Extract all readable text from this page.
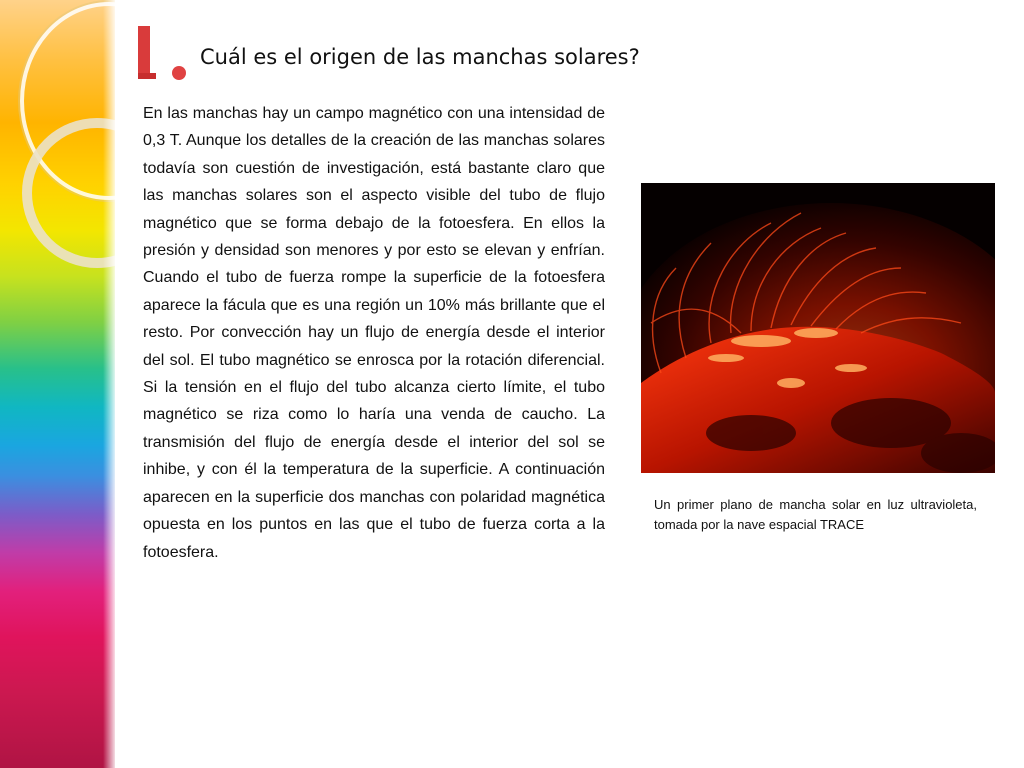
Cuál es el origen de las manchas solares?

En las manchas hay un campo magnético con una intensidad de 0,3 T. Aunque los detalles de la creación de las manchas solares todavía son cuestión de investigación, está bastante claro que las manchas solares son el aspecto visible del tubo de flujo magnético que se forma debajo de la fotoesfera. En ellos la presión y densidad son menores y por esto se elevan y enfrían. Cuando el tubo de fuerza rompe la superficie de la fotoesfera aparece la fácula que es una región un 10% más brillante que el resto. Por convección hay un flujo de energía desde el interior del sol. El tubo magnético se enrosca por la rotación diferencial. Si la tensión en el flujo del tubo alcanza cierto límite, el tubo magnético se riza como lo haría una venda de caucho. La transmisión del flujo de energía desde el interior del sol se inhibe, y con él la temperatura de la superficie. A continuación aparecen en la superficie dos manchas con polaridad magnética opuesta en los puntos en las que el tubo de fuerza corta a la fotoesfera.

Un primer plano de mancha solar en luz ultravioleta, tomada por la nave espacial TRACE
